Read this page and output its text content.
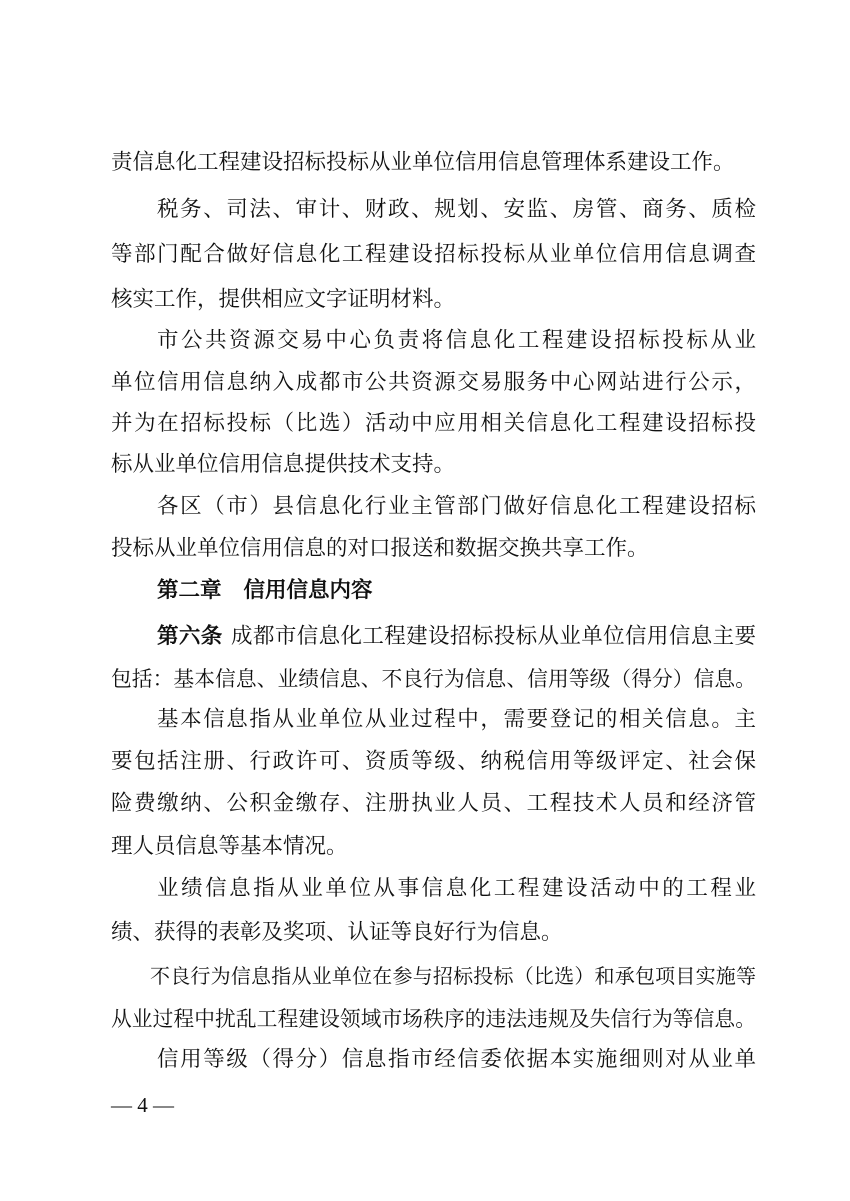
责信息化工程建设招标投标从业单位信用信息管理体系建设工作。
税务、司法、审计、财政、规划、安监、房管、商务、质检
等部门配合做好信息化工程建设招标投标从业单位信用信息调查
核实工作，提供相应文字证明材料。
市公共资源交易中心负责将信息化工程建设招标投标从业
单位信用信息纳入成都市公共资源交易服务中心网站进行公示，
并为在招标投标（比选）活动中应用相关信息化工程建设招标投
标从业单位信用信息提供技术支持。
各区（市）县信息化行业主管部门做好信息化工程建设招标
投标从业单位信用信息的对口报送和数据交换共享工作。
第二章 信用信息内容
第六条 成都市信息化工程建设招标投标从业单位信用信息主要
包括：基本信息、业绩信息、不良行为信息、信用等级（得分）信息。
基本信息指从业单位从业过程中，需要登记的相关信息。主
要包括注册、行政许可、资质等级、纳税信用等级评定、社会保
险费缴纳、公积金缴存、注册执业人员、工程技术人员和经济管
理人员信息等基本情况。
业绩信息指从业单位从事信息化工程建设活动中的工程业
绩、获得的表彰及奖项、认证等良好行为信息。
不良行为信息指从业单位在参与招标投标（比选）和承包项目实施等
从业过程中扰乱工程建设领域市场秩序的违法违规及失信行为等信息。
信用等级（得分）信息指市经信委依据本实施细则对从业单
— 4 —
